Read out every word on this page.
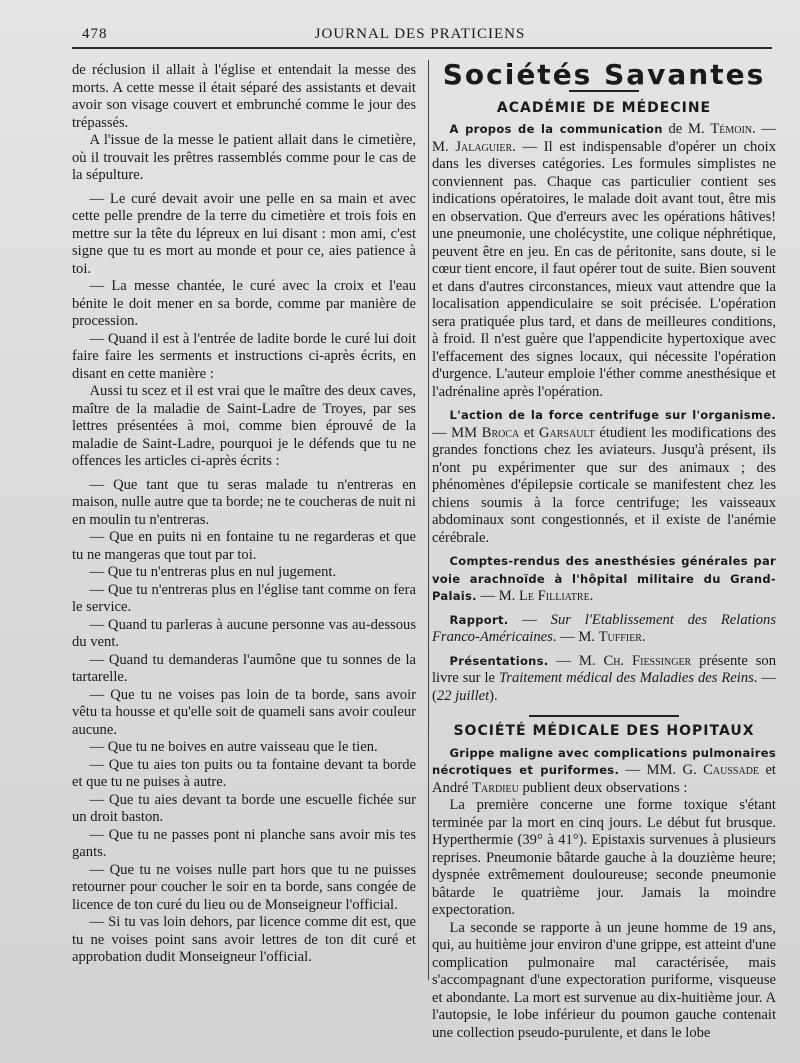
478	JOURNAL DES PRATICIENS

de réclusion il allait à l'église et entendait la messe des morts. A cette messe il était séparé des assistants et devait avoir son visage couvert et embrunché comme le jour des trépassés.

A l'issue de la messe le patient allait dans le cimetière, où il trouvait les prêtres rassemblés comme pour le cas de la sépulture.

— Le curé devait avoir une pelle en sa main et avec cette pelle prendre de la terre du cimetière et trois fois en mettre sur la tête du lépreux en lui disant : mon ami, c'est signe que tu es mort au monde et pour ce, aies patience à toi.

— La messe chantée, le curé avec la croix et l'eau bénite le doit mener en sa borde, comme par manière de procession.

— Quand il est à l'entrée de ladite borde le curé lui doit faire faire les serments et instructions ci-après écrits, en disant en cette manière :

Aussi tu scez et il est vrai que le maître des deux caves, maître de la maladie de Saint-Ladre de Troyes, par ses lettres présentées à moi, comme bien éprouvé de la maladie de Saint-Ladre, pourquoi je le défends que tu ne offences les articles ci-après écrits :

— Que tant que tu seras malade tu n'entreras en maison, nulle autre que ta borde; ne te coucheras de nuit ni en moulin tu n'entreras.

— Que en puits ni en fontaine tu ne regarderas et que tu ne mangeras que tout par toi.

— Que tu n'entreras plus en nul jugement.

— Que tu n'entreras plus en l'église tant comme on fera le service.

— Quand tu parleras à aucune personne vas au-dessous du vent.

— Quand tu demanderas l'aumône que tu sonnes de la tartarelle.

— Que tu ne voises pas loin de ta borde, sans avoir vêtu ta housse et qu'elle soit de quameli sans avoir couleur aucune.

— Que tu ne boives en autre vaisseau que le tien.

— Que tu aies ton puits ou ta fontaine devant ta borde et que tu ne puises à autre.

— Que tu aies devant ta borde une escuelle fichée sur un droit baston.

— Que tu ne passes pont ni planche sans avoir mis tes gants.

— Que tu ne voises nulle part hors que tu ne puisses retourner pour coucher le soir en ta borde, sans congée de licence de ton curé du lieu ou de Monseigneur l'official.

— Si tu vas loin dehors, par licence comme dit est, que tu ne voises point sans avoir lettres de ton dit curé et approbation dudit Monseigneur l'official.

Sociétés Savantes
ACADÉMIE DE MÉDECINE

A propos de la communication de M. Témoin. — M. Jalaguier. — Il est indispensable d'opérer un choix dans les diverses catégories. Les formules simplistes ne conviennent pas. Chaque cas particulier contient ses indications opératoires, le malade doit avant tout, être mis en observation. Que d'erreurs avec les opérations hâtives! une pneumonie, une cholécystite, une colique néphrétique, peuvent être en jeu. En cas de péritonite, sans doute, si le cœur tient encore, il faut opérer tout de suite. Bien souvent et dans d'autres circonstances, mieux vaut attendre que la localisation appendiculaire se soit précisée. L'opération sera pratiquée plus tard, et dans de meilleures conditions, à froid. Il n'est guère que l'appendicite hypertoxique avec l'effacement des signes locaux, qui nécessite l'opération d'urgence. L'auteur emploie l'éther comme anesthésique et l'adrénaline après l'opération.

L'action de la force centrifuge sur l'organisme. — MM Broca et Garsault étudient les modifications des grandes fonctions chez les aviateurs. Jusqu'à présent, ils n'ont pu expérimenter que sur des animaux ; des phénomènes d'épilepsie corticale se manifestent chez les chiens soumis à la force centrifuge; les vaisseaux abdominaux sont congestionnés, et il existe de l'anémie cérébrale.

Comptes-rendus des anesthésies générales par voie arachnoïde à l'hôpital militaire du Grand-Palais. — M. Le Filliatre.

Rapport. — Sur l'Etablissement des Relations Franco-Américaines. — M. Tuffier.

Présentations. — M. Ch. Fiessinger présente son livre sur le Traitement médical des Maladies des Reins. — (22 juillet).

SOCIÉTÉ MÉDICALE DES HOPITAUX

Grippe maligne avec complications pulmonaires nécrotiques et puriformes. — MM. G. Caussade et André Tardieu publient deux observations :

La première concerne une forme toxique s'étant terminée par la mort en cinq jours. Le début fut brusque. Hyperthermie (39° à 41°). Epistaxis survenues à plusieurs reprises. Pneumonie bâtarde gauche à la douzième heure; dyspnée extrêmement douloureuse; seconde pneumonie bâtarde le quatrième jour. Jamais la moindre expectoration.

La seconde se rapporte à un jeune homme de 19 ans, qui, au huitième jour environ d'une grippe, est atteint d'une complication pulmonaire mal caractérisée, mais s'accompagnant d'une expectoration puriforme, visqueuse et abondante. La mort est survenue au dix-huitième jour. A l'autopsie, le lobe inférieur du poumon gauche contenait une collection pseudo-purulente, et dans le lobe
